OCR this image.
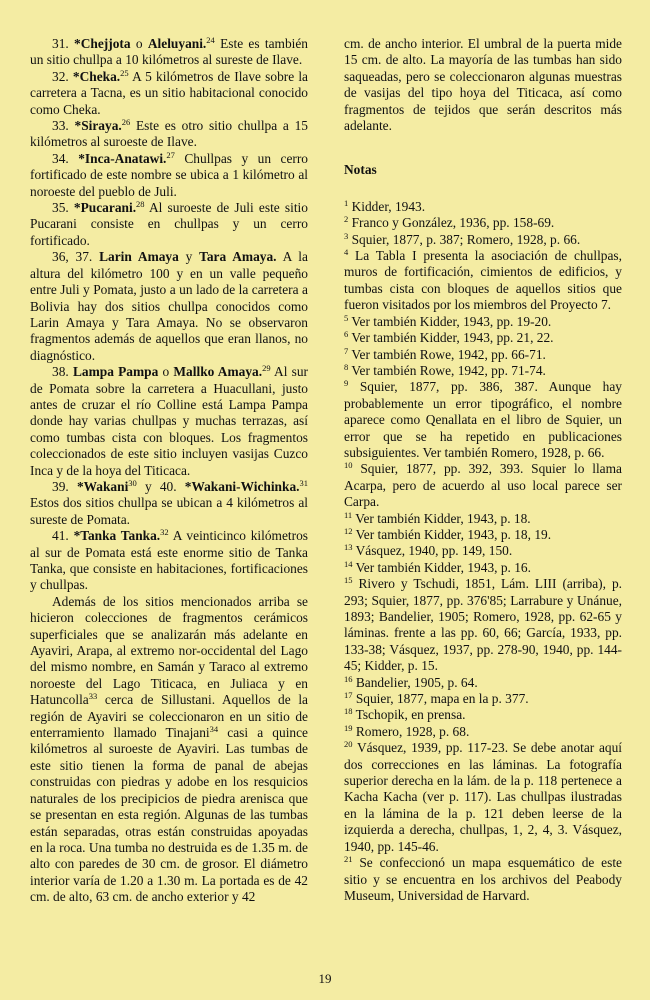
31. *Chejjota o Aleluyani.$^{24}$ Este es también un sitio chullpa a 10 kilómetros al sureste de Ilave.

32. *Cheka.$^{25}$ A 5 kilómetros de Ilave sobre la carretera a Tacna, es un sitio habitacional conocido como Cheka.

33. *Siraya.$^{26}$ Este es otro sitio chullpa a 15 kilómetros al suroeste de Ilave.

34. *Inca-Anatawi.$^{27}$ Chullpas y un cerro fortificado de este nombre se ubica a 1 kilómetro al noroeste del pueblo de Juli.

35. *Pucarani.$^{28}$ Al suroeste de Juli este sitio Pucarani consiste en chullpas y un cerro fortificado.

36, 37. Larin Amaya y Tara Amaya. A la altura del kilómetro 100 y en un valle pequeño entre Juli y Pomata, justo a un lado de la carretera a Bolivia hay dos sitios chullpa conocidos como Larin Amaya y Tara Amaya. No se observaron fragmentos además de aquellos que eran llanos, no diagnóstico.

38. Lampa Pampa o Mallko Amaya.$^{29}$ Al sur de Pomata sobre la carretera a Huacullani, justo antes de cruzar el río Colline está Lampa Pampa donde hay varias chullpas y muchas terrazas, así como tumbas cista con bloques. Los fragmentos coleccionados de este sitio incluyen vasijas Cuzco Inca y de la hoya del Titicaca.

39. *Wakani$^{30}$ y 40. *Wakani-Wichinka.$^{31}$ Estos dos sitios chullpa se ubican a 4 kilómetros al sureste de Pomata.

41. *Tanka Tanka.$^{32}$ A veinticinco kilómetros al sur de Pomata está este enorme sitio de Tanka Tanka, que consiste en habitaciones, fortificaciones y chullpas.

Además de los sitios mencionados arriba se hicieron colecciones de fragmentos cerámicos superficiales que se analizarán más adelante en Ayaviri, Arapa, al extremo nor-occidental del Lago del mismo nombre, en Samán y Taraco al extremo noroeste del Lago Titicaca, en Juliaca y en Hatuncolla$^{33}$ cerca de Sillustani. Aquellos de la región de Ayaviri se coleccionaron en un sitio de enterramiento llamado Tinajani$^{34}$ casi a quince kilómetros al suroeste de Ayaviri. Las tumbas de este sitio tienen la forma de panal de abejas construidas con piedras y adobe en los resquicios naturales de los precipicios de piedra arenisca que se presentan en esta región. Algunas de las tumbas están separadas, otras están construidas apoyadas en la roca. Una tumba no destruida es de 1.35 m. de alto con paredes de 30 cm. de grosor. El diámetro interior varía de 1.20 a 1.30 m. La portada es de 42 cm. de alto, 63 cm. de ancho exterior y 42

cm. de ancho interior. El umbral de la puerta mide 15 cm. de alto. La mayoría de las tumbas han sido saqueadas, pero se coleccionaron algunas muestras de vasijas del tipo hoya del Titicaca, así como fragmentos de tejidos que serán descritos más adelante.

Notas

$^1$ Kidder, 1943.

$^2$ Franco y González, 1936, pp. 158-69.

$^3$ Squier, 1877, p. 387; Romero, 1928, p. 66.

$^4$ La Tabla I presenta la asociación de chullpas, muros de fortificación, cimientos de edificios, y tumbas cista con bloques de aquellos sitios que fueron visitados por los miembros del Proyecto 7.

$^5$ Ver también Kidder, 1943, pp. 19-20.

$^6$ Ver también Kidder, 1943, pp. 21, 22.

$^7$ Ver también Rowe, 1942, pp. 66-71.

$^8$ Ver también Rowe, 1942, pp. 71-74.

$^9$ Squier, 1877, pp. 386, 387. Aunque hay probablemente un error tipográfico, el nombre aparece como Qenallata en el libro de Squier, un error que se ha repetido en publicaciones subsiguientes. Ver también Romero, 1928, p. 66.

$^{10}$ Squier, 1877, pp. 392, 393. Squier lo llama Acarpa, pero de acuerdo al uso local parece ser Carpa.

$^{11}$ Ver también Kidder, 1943, p. 18.

$^{12}$ Ver también Kidder, 1943, p. 18, 19.

$^{13}$ Vásquez, 1940, pp. 149, 150.

$^{14}$ Ver también Kidder, 1943, p. 16.

$^{15}$ Rivero y Tschudi, 1851, Lám. LIII (arriba), p. 293; Squier, 1877, pp. 376'85; Larrabure y Unánue, 1893; Bandelier, 1905; Romero, 1928, pp. 62-65 y láminas. frente a las pp. 60, 66; García, 1933, pp. 133-38; Vásquez, 1937, pp. 278-90, 1940, pp. 144-45; Kidder, p. 15.

$^{16}$ Bandelier, 1905, p. 64.

$^{17}$ Squier, 1877, mapa en la p. 377.

$^{18}$ Tschopik, en prensa.

$^{19}$ Romero, 1928, p. 68.

$^{20}$ Vásquez, 1939, pp. 117-23. Se debe anotar aquí dos correcciones en las láminas. La fotografía superior derecha en la lám. de la p. 118 pertenece a Kacha Kacha (ver p. 117). Las chullpas ilustradas en la lámina de la p. 121 deben leerse de la izquierda a derecha, chullpas, 1, 2, 4, 3. Vásquez, 1940, pp. 145-46.

$^{21}$ Se confeccionó un mapa esquemático de este sitio y se encuentra en los archivos del Peabody Museum, Universidad de Harvard.

19
